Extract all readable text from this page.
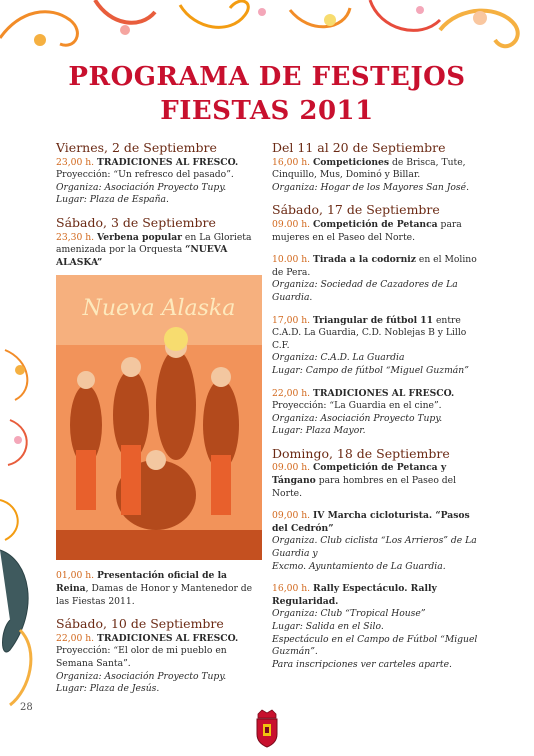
PROGRAMA DE FESTEJOS
FIESTAS 2011
Viernes, 2 de Septiembre

23,00 h. TRADICIONES AL FRESCO.

Proyección: “Un refresco del pasado”.

Organiza: Asociación Proyecto Tupy.

Lugar: Plaza de España.

Sábado, 3 de Septiembre

23,30 h. Verbena popular en La Glorieta
amenizada por la Orquesta “NUEVA ALASKA”

Nueva Alaska

01,00 h. Presentación oficial de la Reina, Damas de Honor y Mantenedor de las Fiestas 2011.

Sábado, 10 de Septiembre

22,00 h. TRADICIONES AL FRESCO.

Proyección: “El olor de mi pueblo en Semana Santa”.

Organiza: Asociación Proyecto Tupy.

Lugar: Plaza de Jesús.

Del 11 al 20 de Septiembre

16,00 h. Competiciones de Brisca, Tute, Cinquillo, Mus, Dominó y Billar.

Organiza: Hogar de los Mayores San José.

Sábado, 17 de Septiembre

09.00 h. Competición de Petanca para mujeres en el Paseo del Norte.

10.00 h. Tirada a la codorniz en el Molino de Pera.

Organiza: Sociedad de Cazadores de La Guardia.

17,00 h. Triangular de fútbol 11 entre C.A.D. La Guardia, C.D. Noblejas B y Lillo C.F.

Organiza: C.A.D. La Guardia

Lugar: Campo de fútbol “Miguel Guzmán”

22,00 h. TRADICIONES AL FRESCO.

Proyección: “La Guardia en el cine”.

Organiza: Asociación Proyecto Tupy.

Lugar: Plaza Mayor.

Domingo, 18 de Septiembre

09.00 h. Competición de Petanca y Tángano para hombres en el Paseo del Norte.

09,00 h. IV Marcha cicloturista. “Pasos del Cedrón”

Organiza. Club ciclista “Los Arrieros” de La Guardia y

Excmo. Ayuntamiento de La Guardia.

16,00 h. Rally Espectáculo. Rally Regularidad.

Organiza: Club “Tropical House”

Lugar: Salida en el Silo.

Espectáculo en el Campo de Fútbol “Miguel Guzmán”.

Para inscripciones ver carteles aparte.

28
